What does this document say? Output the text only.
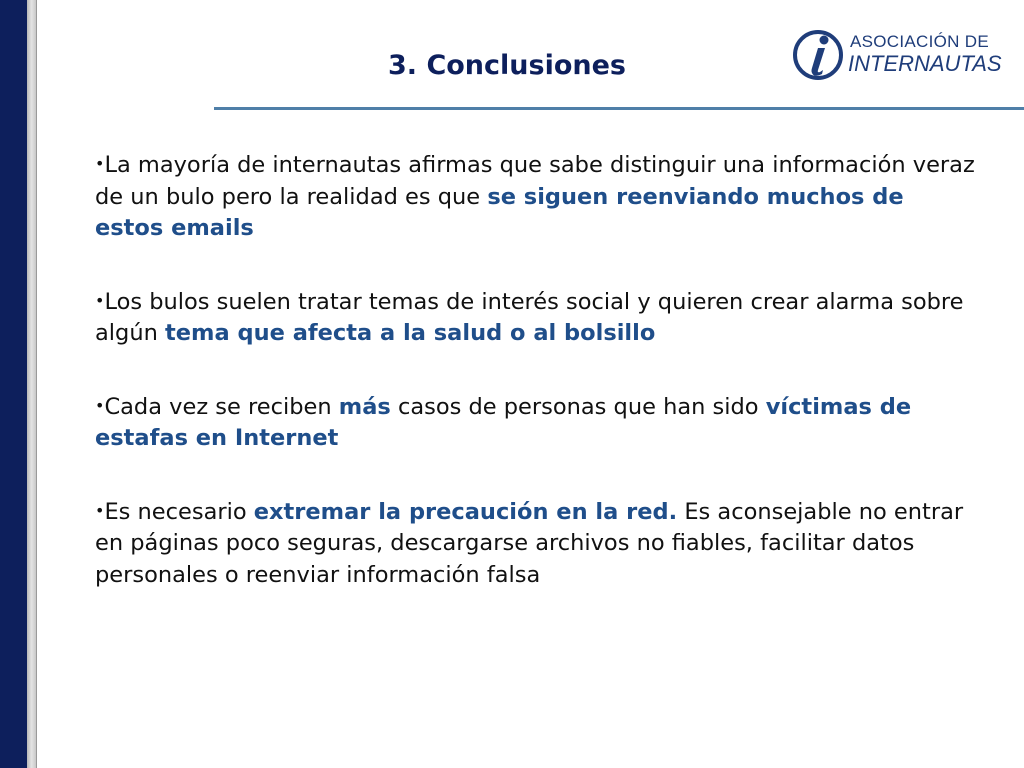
3. Conclusiones
ASOCIACIÓN DE
INTERNAUTAS
•La mayoría de internautas afirmas que sabe distinguir una información veraz de un bulo pero la realidad es que se siguen reenviando muchos de estos emails
•Los bulos suelen tratar temas de interés social y quieren crear alarma sobre algún tema que afecta a la salud o al bolsillo
•Cada vez se reciben más casos de personas que han sido víctimas de estafas en Internet
•Es necesario extremar la precaución en la red. Es aconsejable no entrar en páginas poco seguras, descargarse archivos no fiables, facilitar datos personales o reenviar información falsa
